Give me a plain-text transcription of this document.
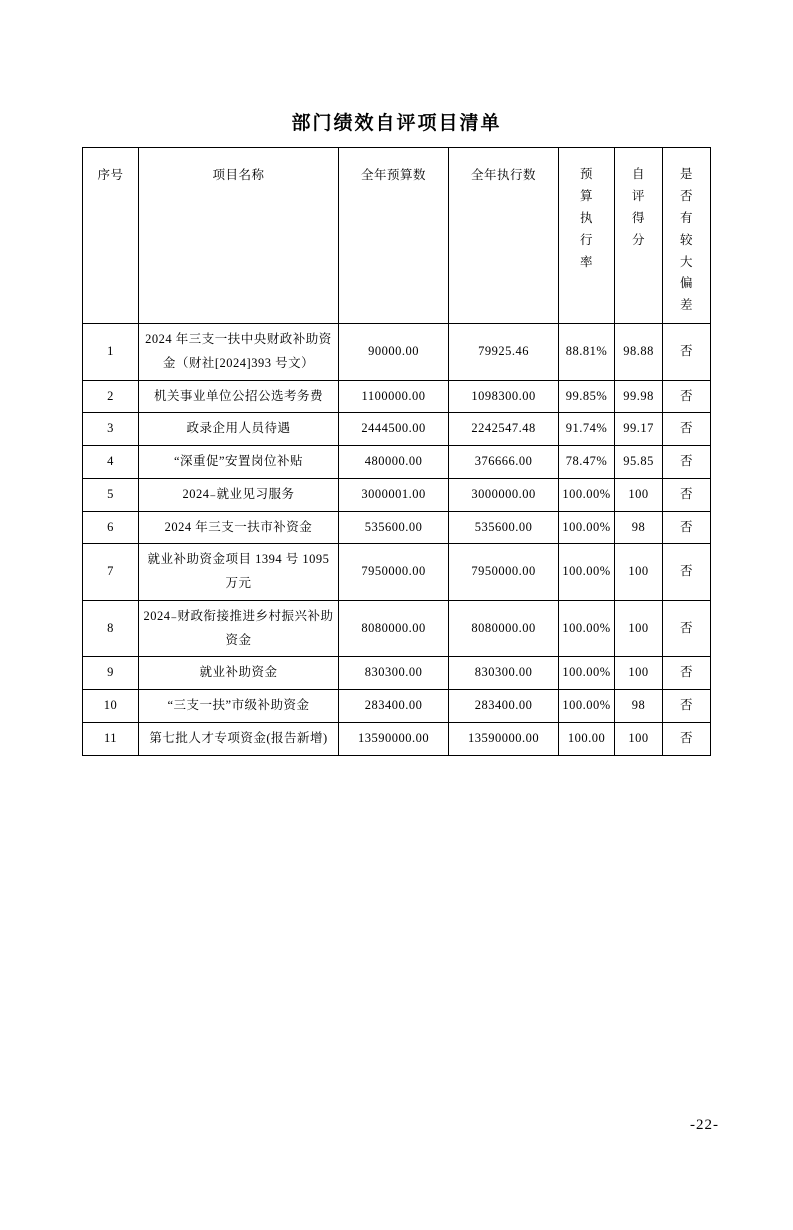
部门绩效自评项目清单
序号	项目名称	全年预算数	全年执行数	预算执行率	自评得分	是否有较大偏差

1	2024 年三支一扶中央财政补助资金（财社[2024]393 号文）	90000.00	79925.46	88.81%	98.88	否
2	机关事业单位公招公选考务费	1100000.00	1098300.00	99.85%	99.98	否
3	政录企用人员待遇	2444500.00	2242547.48	91.74%	99.17	否
4	“深重促”安置岗位补贴	480000.00	376666.00	78.47%	95.85	否
5	2024₋就业见习服务	3000001.00	3000000.00	100.00%	100	否
6	2024 年三支一扶市补资金	535600.00	535600.00	100.00%	98	否
7	就业补助资金项目 1394 号 1095 万元	7950000.00	7950000.00	100.00%	100	否
8	2024₋财政衔接推进乡村振兴补助资金	8080000.00	8080000.00	100.00%	100	否
9	就业补助资金	830300.00	830300.00	100.00%	100	否
10	“三支一扶”市级补助资金	283400.00	283400.00	100.00%	98	否
11	第七批人才专项资金(报告新增)	13590000.00	13590000.00	100.00	100	否
-22-
